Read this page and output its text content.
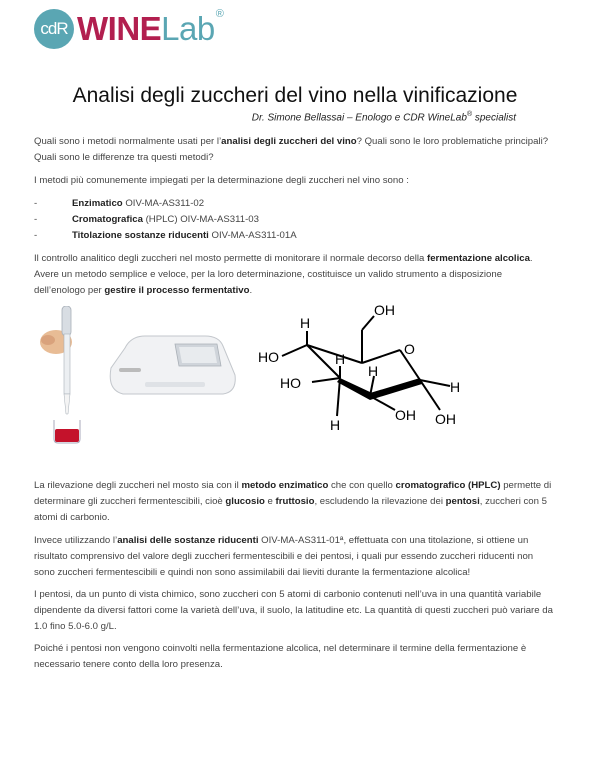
cdR WINELab ®
Analisi degli zuccheri del vino nella vinificazione
Dr. Simone Bellassai – Enologo e CDR WineLab® specialist
Quali sono i metodi normalmente usati per l’analisi degli zuccheri del vino? Quali sono le loro problematiche principali? Quali sono le differenze tra questi metodi?
I metodi più comunemente impiegati per la determinazione degli zuccheri nel vino sono :
-	Enzimatico OIV-MA-AS311-02
-	Cromatografica (HPLC) OIV-MA-AS311-03
-	Titolazione sostanze riducenti OIV-MA-AS311-01A
Il controllo analitico degli zuccheri nel mosto permette di monitorare il normale decorso della fermentazione alcolica. Avere un metodo semplice e veloce, per la loro determinazione, costituisce un valido strumento a disposizione dell’enologo per gestire il processo fermentativo.
OH
H
HO	O
H
HO
H
H
OH
H	OH
La rilevazione degli zuccheri nel mosto sia con il metodo enzimatico che con quello cromatografico (HPLC) permette di determinare gli zuccheri fermentescibili, cioè glucosio e fruttosio, escludendo la rilevazione dei pentosi, zuccheri con 5 atomi di carbonio.
Invece utilizzando l’analisi delle sostanze riducenti OIV-MA-AS311-01ª, effettuata con una titolazione, si ottiene un risultato comprensivo del valore degli zuccheri fermentescibili e dei pentosi, i quali pur essendo zuccheri riducenti non sono zuccheri fermentescibili e quindi non sono assimilabili dai lieviti durante la fermentazione alcolica!
I pentosi, da un punto di vista chimico, sono zuccheri con 5 atomi di carbonio contenuti nell’uva in una quantità variabile dipendente da diversi fattori come la varietà dell’uva, il suolo, la latitudine etc. La quantità di questi zuccheri può variare da 1.0 fino 5.0-6.0 g/L.
Poiché i pentosi non vengono coinvolti nella fermentazione alcolica, nel determinare il termine della fermentazione è necessario tenere conto della loro presenza.
